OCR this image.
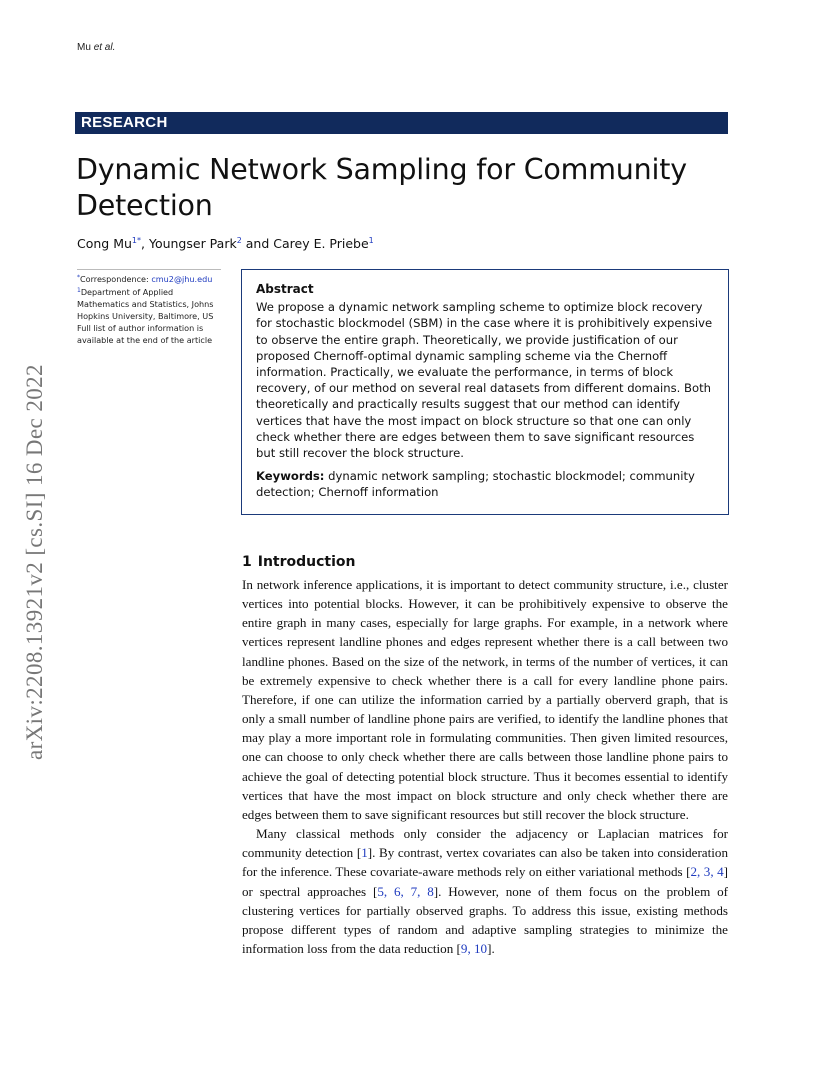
Mu et al.
RESEARCH
Dynamic Network Sampling for Community Detection
Cong $Mu^{1*}$, Youngser Park$^2$ and Carey E. Priebe$^1$
arXiv:2208.13921v2 [cs.SI] 16 Dec 2022
*Correspondence: cmu2@jhu.edu
$^1$Department of Applied Mathematics and Statistics, Johns Hopkins University, Baltimore, US
Full list of author information is available at the end of the article
Abstract
We propose a dynamic network sampling scheme to optimize block recovery for stochastic blockmodel (SBM) in the case where it is prohibitively expensive to observe the entire graph. Theoretically, we provide justification of our proposed Chernoff-optimal dynamic sampling scheme via the Chernoff information. Practically, we evaluate the performance, in terms of block recovery, of our method on several real datasets from different domains. Both theoretically and practically results suggest that our method can identify vertices that have the most impact on block structure so that one can only check whether there are edges between them to save significant resources but still recover the block structure.
Keywords: dynamic network sampling; stochastic blockmodel; community detection; Chernoff information
1 Introduction

In network inference applications, it is important to detect community structure, i.e., cluster vertices into potential blocks. However, it can be prohibitively expensive to observe the entire graph in many cases, especially for large graphs. For example, in a network where vertices represent landline phones and edges represent whether there is a call between two landline phones. Based on the size of the network, in terms of the number of vertices, it can be extremely expensive to check whether there is a call for every landline phone pairs. Therefore, if one can utilize the information carried by a partially oberverd graph, that is only a small number of landline phone pairs are verified, to identify the landline phones that may play a more important role in formulating communities. Then given limited resources, one can choose to only check whether there are calls between those landline phone pairs to achieve the goal of detecting potential block structure. Thus it becomes essential to identify vertices that have the most impact on block structure and only check whether there are edges between them to save significant resources but still recover the block structure.

Many classical methods only consider the adjacency or Laplacian matrices for community detection [1]. By contrast, vertex covariates can also be taken into consideration for the inference. These covariate-aware methods rely on either variational methods [2, 3, 4] or spectral approaches [5, 6, 7, 8]. However, none of them focus on the problem of clustering vertices for partially observed graphs. To address this issue, existing methods propose different types of random and adaptive sampling strategies to minimize the information loss from the data reduction [9, 10].
